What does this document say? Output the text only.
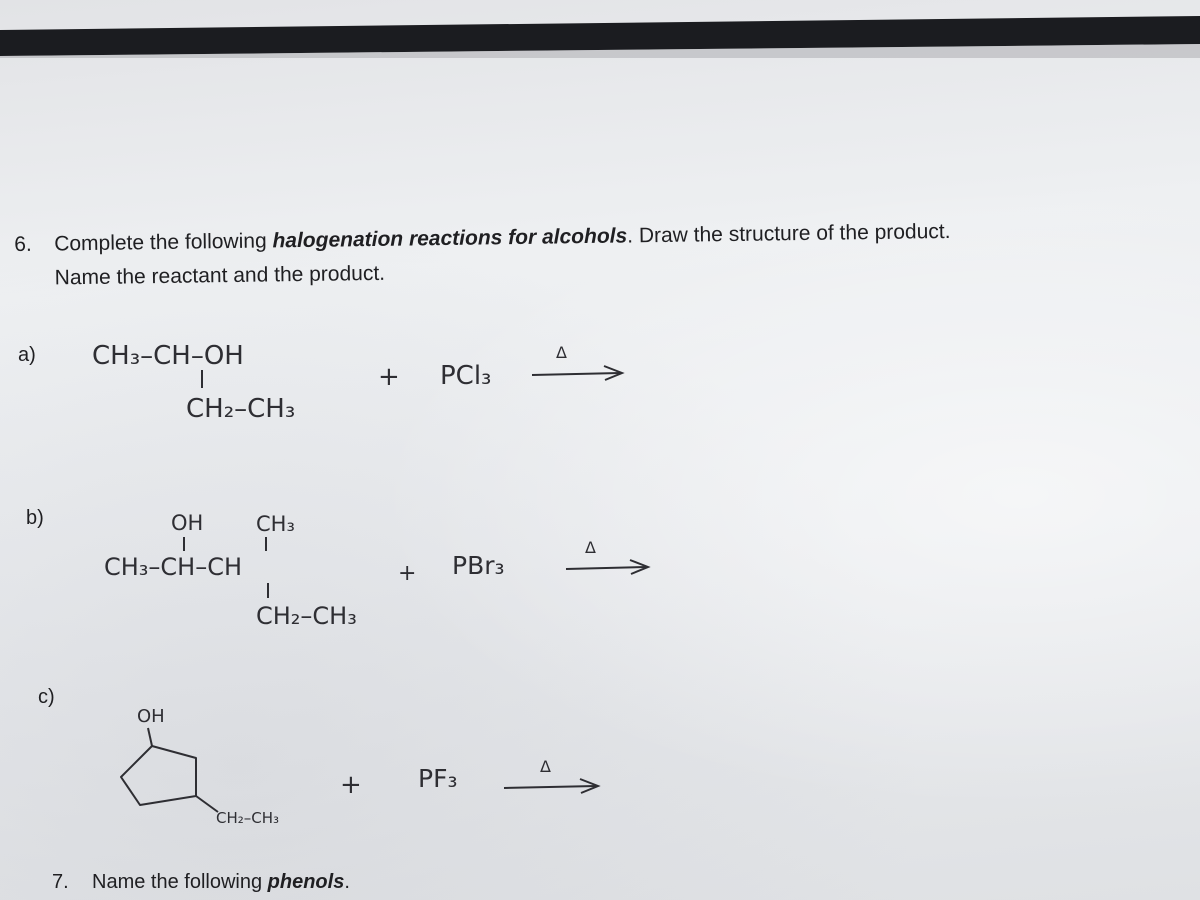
6. Complete the following halogenation reactions for alcohols. Draw the structure of the product.
Name the reactant and the product.
a)
b)
c)
CH₃–CH–OH
CH₂–CH₃
+ PCl₃
Δ
OH	CH₃
CH₃–CH–CH
CH₂–CH₃
+ PBr₃
Δ
OH
CH₂–CH₃
+ PF₃	Δ
7. Name the following phenols.
